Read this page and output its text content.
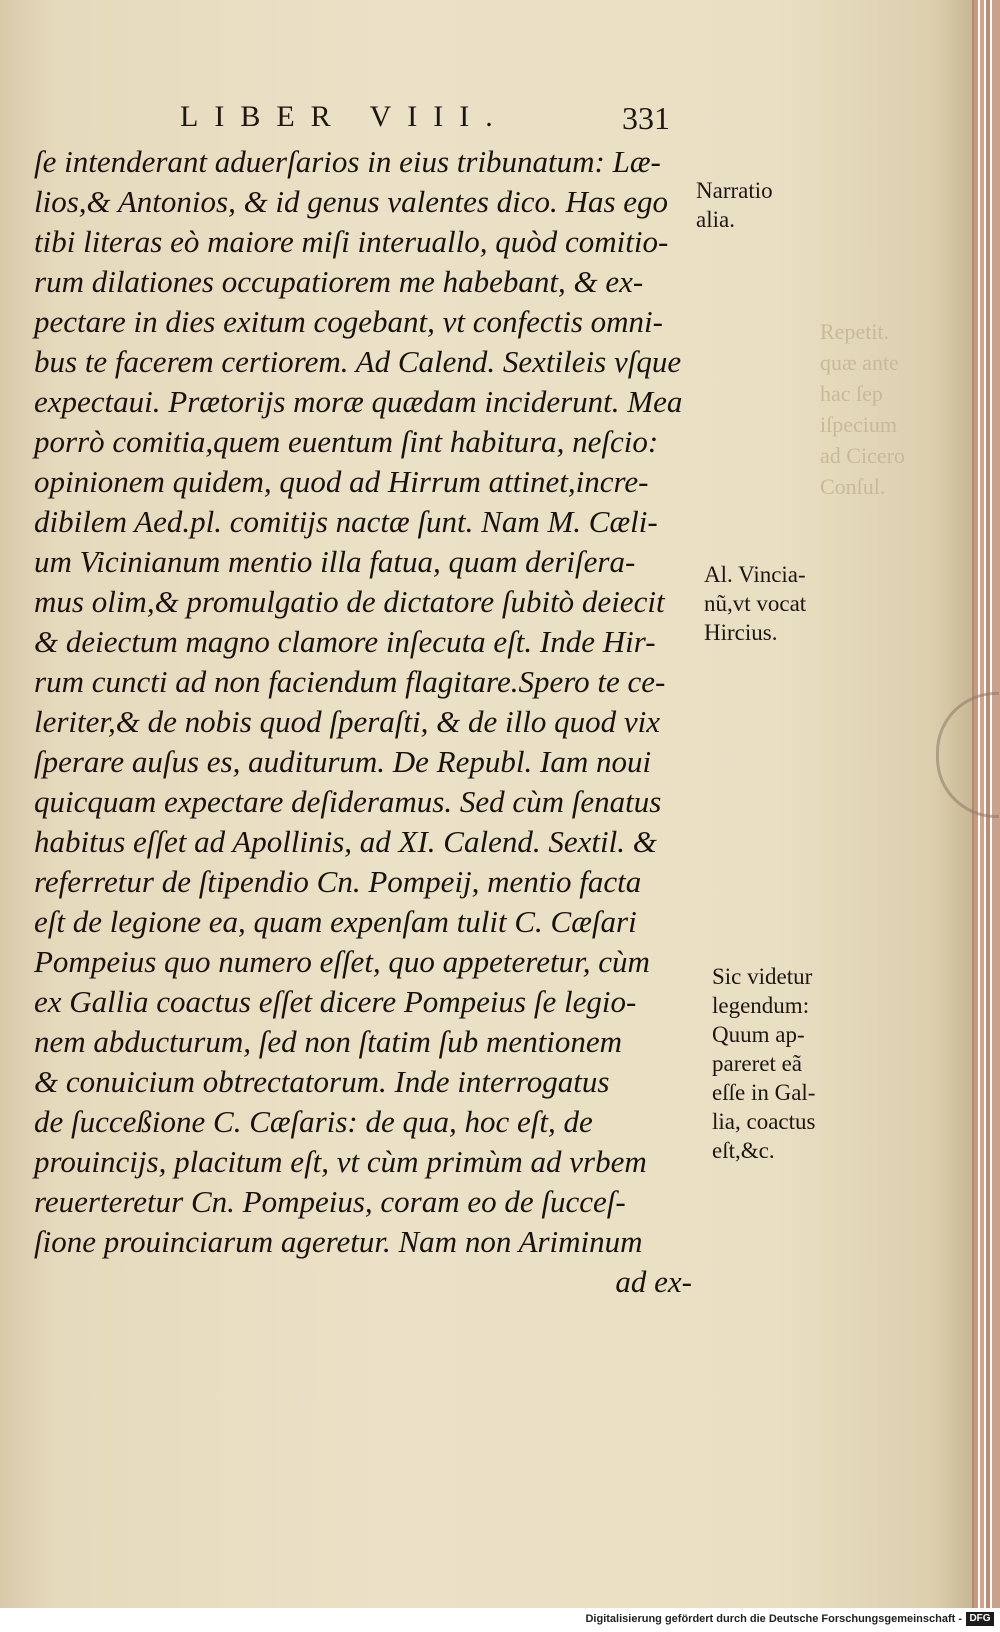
Repetit.
quæ ante
hac ſep
iſpecium
ad Cicero
Conſul.
LIBER VIII.	331
ſe intenderant aduerſarios in eius tribunatum: Læ-
lios,& Antonios, & id genus valentes dico. Has ego
tibi literas eò maiore miſi interuallo, quòd comitio-
rum dilationes occupatiorem me habebant, & ex-
pectare in dies exitum cogebant, vt confectis omni-
bus te facerem certiorem. Ad Calend. Sextileis vſque
expectaui. Prætorijs moræ quædam inciderunt. Mea
porrò comitia,quem euentum ſint habitura, neſcio:
opinionem quidem, quod ad Hirrum attinet,incre-
dibilem Aed.pl. comitijs nactæ ſunt. Nam M. Cæli-
um Vicinianum mentio illa fatua, quam deriſera-
mus olim,& promulgatio de dictatore ſubitò deiecit
& deiectum magno clamore inſecuta eſt. Inde Hir-
rum cuncti ad non faciendum flagitare.Spero te ce-
leriter,& de nobis quod ſperaſti, & de illo quod vix
ſperare auſus es, auditurum. De Republ. Iam noui
quicquam expectare deſideramus. Sed cùm ſenatus
habitus eſſet ad Apollinis, ad XI. Calend. Sextil. &
referretur de ſtipendio Cn. Pompeij, mentio facta
eſt de legione ea, quam expenſam tulit C. Cæſari
Pompeius quo numero eſſet, quo appeteretur, cùm
ex Gallia coactus eſſet dicere Pompeius ſe legio-
nem abducturum, ſed non ſtatim ſub mentionem
& conuicium obtrectatorum. Inde interrogatus
de ſucceßione C. Cæſaris: de qua, hoc eſt, de
prouincijs, placitum eſt, vt cùm primùm ad vrbem
reuerteretur Cn. Pompeius, coram eo de ſucceſ-
ſione prouinciarum ageretur. Nam non Ariminum
ad ex-
Narratio
alia.
Al. Vincia-
nũ,vt vocat
Hircius.
Sic videtur
legendum:
Quum ap-
pareret eã
eſſe in Gal-
lia, coactus
eſt,&c.
Digitalisierung gefördert durch die Deutsche Forschungsgemeinschaft - DFG
